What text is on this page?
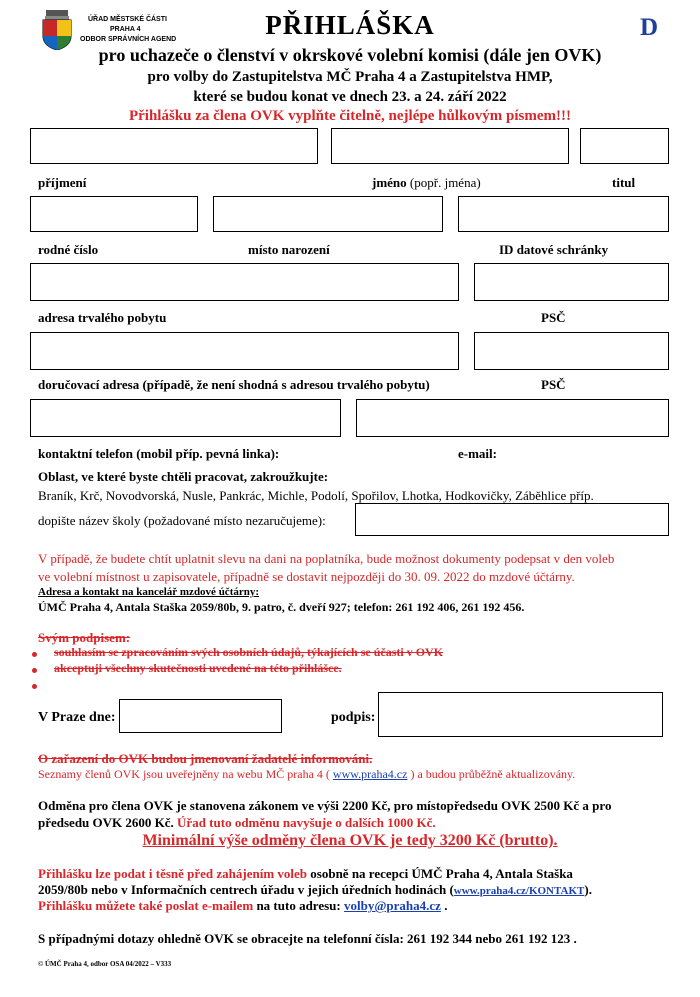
ÚŘAD MĚSTSKÉ ČÁSTI
PRAHA 4
ODBOR SPRÁVNÍCH AGEND	PŘIHLÁŠKA	D
pro uchazeče o členství v okrskové volební komisi (dále jen OVK)
pro volby do Zastupitelstva MČ Praha 4 a Zastupitelstva HMP,
které se budou konat ve dnech 23. a 24. září 2022
Přihlášku za člena OVK vyplňte čitelně, nejlépe hůlkovým písmem!!!
příjmení	jméno (popř. jména)	titul
rodné číslo	místo narození	ID datové schránky
adresa trvalého pobytu	PSČ
doručovací adresa (případě, že není shodná s adresou trvalého pobytu)	PSČ
kontaktní telefon (mobil příp. pevná linka):	e-mail:
Oblast, ve které byste chtěli pracovat, zakroužkujte:
Braník, Krč, Novodvorská, Nusle, Pankrác, Michle, Podolí, Spořilov, Lhotka, Hodkovičky, Záběhlice příp.
dopište název školy (požadované místo nezaručujeme):
V případě, že budete chtít uplatnit slevu na dani na poplatníka, bude možnost dokumenty podepsat v den voleb
ve volební místnost u zapisovatele, případně se dostavit nejpozději do 30. 09. 2022 do mzdové účtárny.
Adresa a kontakt na kancelář mzdové účtárny:
ÚMČ Praha 4, Antala Staška 2059/80b, 9. patro, č. dveří 927; telefon: 261 192 406, 261 192 456.
Svým podpisem:
souhlasím se zpracováním svých osobních údajů, týkajících se účasti v OVK
akceptuji všechny skutečnosti uvedené na této přihlášce.
V Praze dne:	podpis:
O zařazení do OVK budou jmenovaní žadatelé informováni.
Seznamy členů OVK jsou uveřejněny na webu MČ praha 4 ( www.praha4.cz ) a budou průběžně aktualizovány.
Odměna pro člena OVK je stanovena zákonem ve výši 2200 Kč, pro místopředsedu OVK 2500 Kč a pro
předsedu OVK 2600 Kč. Úřad tuto odměnu navyšuje o dalších 1000 Kč.
Minimální výše odměny člena OVK je tedy 3200 Kč (brutto).
Přihlášku lze podat i těsně před zahájením voleb osobně na recepci ÚMČ Praha 4, Antala Staška
2059/80b nebo v Informačních centrech úřadu v jejich úředních hodinách (www.praha4.cz/KONTAKT).
Přihlášku můžete také poslat e-mailem na tuto adresu: volby@praha4.cz .
S případnými dotazy ohledně OVK se obracejte na telefonní čísla: 261 192 344 nebo 261 192 123 .
© ÚMČ Praha 4, odbor OSA 04/2022 – V333
